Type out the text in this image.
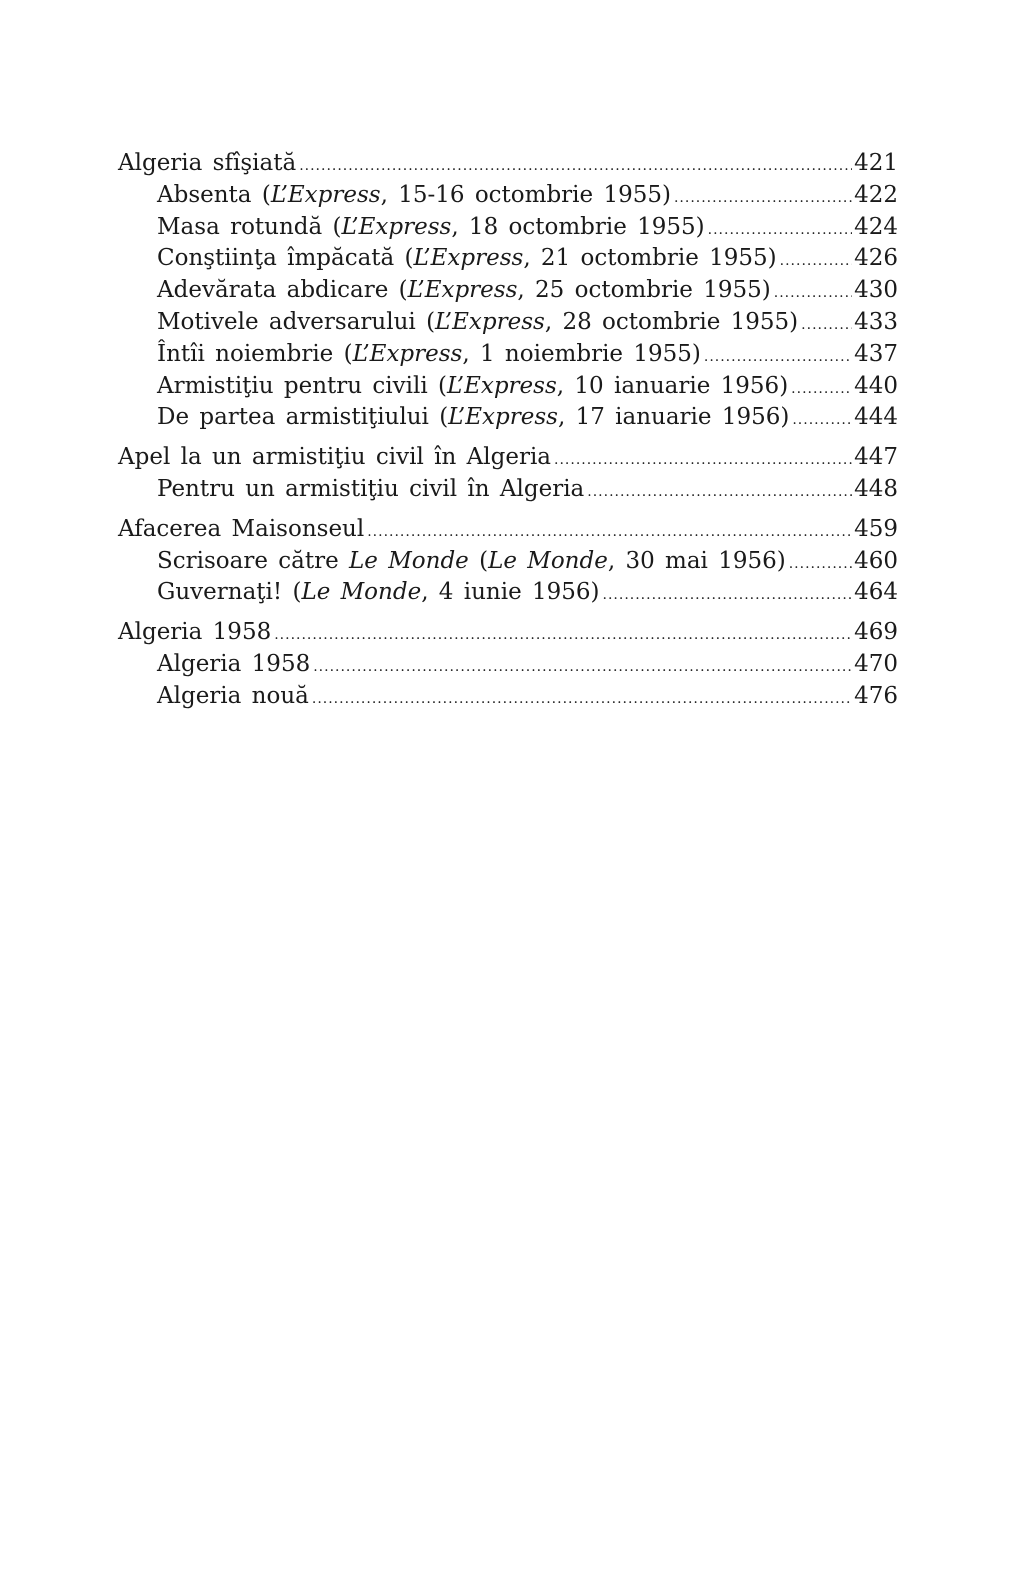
Algeria sfîşiată .....	421
Absenta (L’Express, 15-16 octombrie 1955) .....	422
Masa rotundă (L’Express, 18 octombrie 1955) .....	424
Conştiinţa împăcată (L’Express, 21 octombrie 1955) .....	426
Adevărata abdicare (L’Express, 25 octombrie 1955) .....	430
Motivele adversarului (L’Express, 28 octombrie 1955) ..... 433
Întîi noiembrie (L’Express, 1 noiembrie 1955) .....	437
Armistiţiu pentru civili (L’Express, 10 ianuarie 1956) .....	440
De partea armistiţiului (L’Express, 17 ianuarie 1956) .....	444
Apel la un armistiţiu civil în Algeria .....	447
Pentru un armistiţiu civil în Algeria .....	448
Afacerea Maisonseul .....	459
Scrisoare către Le Monde (Le Monde, 30 mai 1956) .....	460
Guvernaţi! (Le Monde, 4 iunie 1956) .....	464
Algeria 1958 .....	469
Algeria 1958 .....	470
Algeria nouă .....	476
